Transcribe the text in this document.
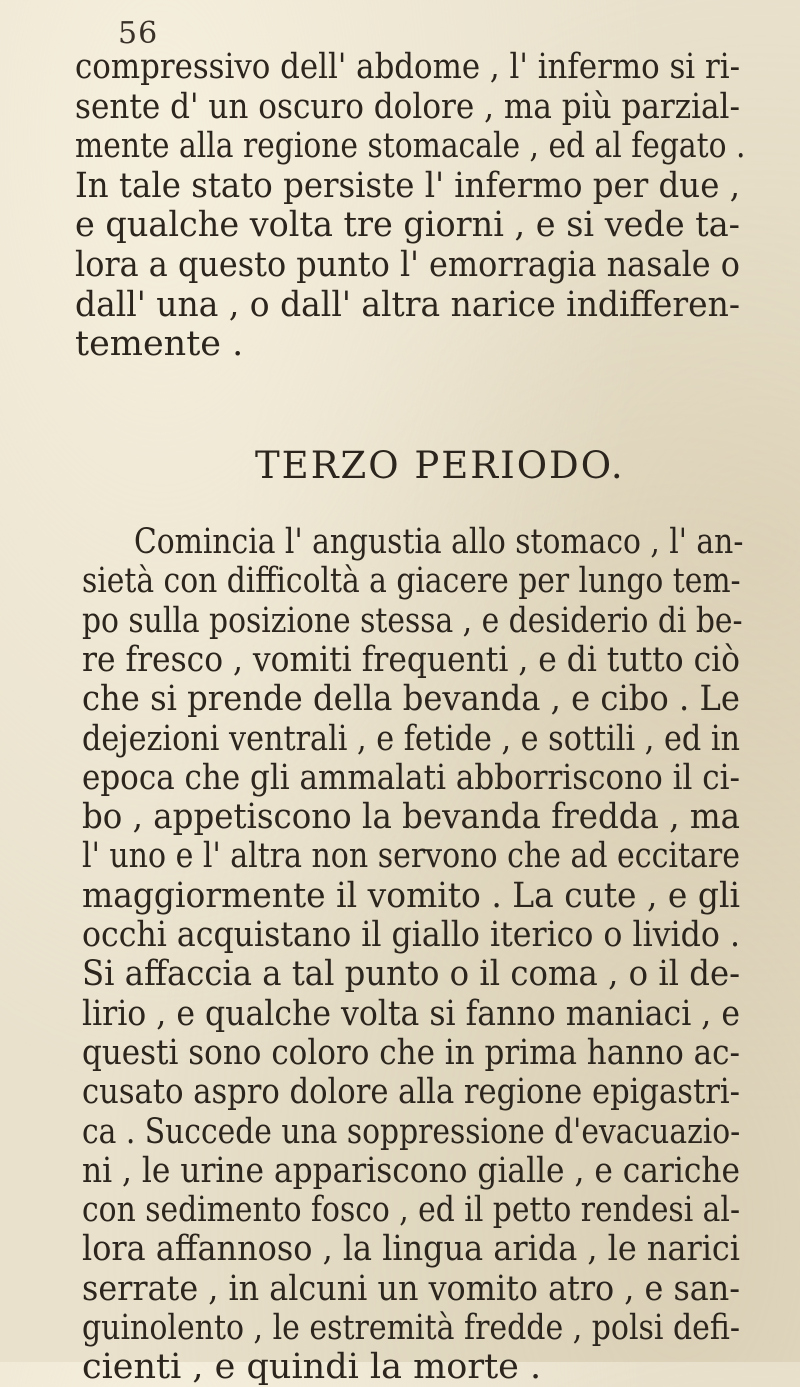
56
compressivo dell' abdome , l' infermo si ri-
sente d' un oscuro dolore , ma più parzial-
mente alla regione stomacale , ed al fegato .
In tale stato persiste l' infermo per due ,
e qualche volta tre giorni , e si vede ta-
lora a questo punto l' emorragia nasale o
dall' una , o dall' altra narice indifferen-
temente .
TERZO PERIODO.
Comincia l' angustia allo stomaco , l' an-
sietà con difficoltà a giacere per lungo tem-
po sulla posizione stessa , e desiderio di be-
re fresco , vomiti frequenti , e di tutto ciò
che si prende della bevanda , e cibo . Le
dejezioni ventrali , e fetide , e sottili , ed in
epoca che gli ammalati abborriscono il ci-
bo , appetiscono la bevanda fredda , ma
l' uno e l' altra non servono che ad eccitare
maggiormente il vomito . La cute , e gli
occhi acquistano il giallo iterico o livido .
Si affaccia a tal punto o il coma , o il de-
lirio , e qualche volta si fanno maniaci , e
questi sono coloro che in prima hanno ac-
cusato aspro dolore alla regione epigastri-
ca . Succede una soppressione d'evacuazio-
ni , le urine appariscono gialle , e cariche
con sedimento fosco , ed il petto rendesi al-
lora affannoso , la lingua arida , le narici
serrate , in alcuni un vomito atro , e san-
guinolento , le estremità fredde , polsi defi-
cienti , e quindi la morte .
